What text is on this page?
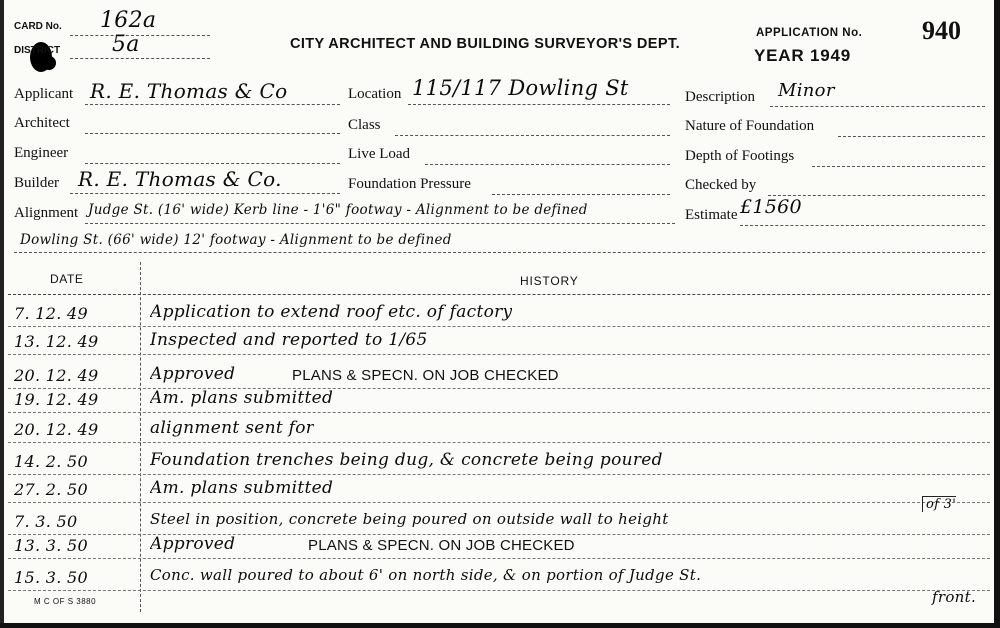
CARD No. 162a
DISTRICT 5a	CITY ARCHITECT AND BUILDING SURVEYOR'S DEPT.
APPLICATION No. 940
YEAR 1949
Applicant R. E. Thomas & Co	Location 115/117 Dowling St	Description Minor
Architect	Class	Nature of Foundation
Engineer	Live Load	Depth of Footings
Builder R. E. Thomas & Co.	Foundation Pressure	Checked by
Alignment Judge St. (16' wide) Kerb line - 1'6" footway - Alignment to be defined	Estimate £1560
Dowling St. (66' wide) 12' footway - Alignment to be defined
DATE	HISTORY
7. 12. 49	Application to extend roof etc. of factory
13. 12. 49	Inspected and reported to 1/65
20. 12. 49	Approved	PLANS & SPECN. ON JOB CHECKED
19. 12. 49	Am. plans submitted
20. 12. 49	alignment sent for
14. 2. 50	Foundation trenches being dug, & concrete being poured
27. 2. 50	Am. plans submitted
7. 3. 50	Steel in position, concrete being poured on outside wall to height
of 3'
13. 3. 50	Approved	PLANS & SPECN. ON JOB CHECKED
15. 3. 50	Conc. wall poured to about 6' on north side, & on portion of Judge St.
front.
M C OF S 3880
